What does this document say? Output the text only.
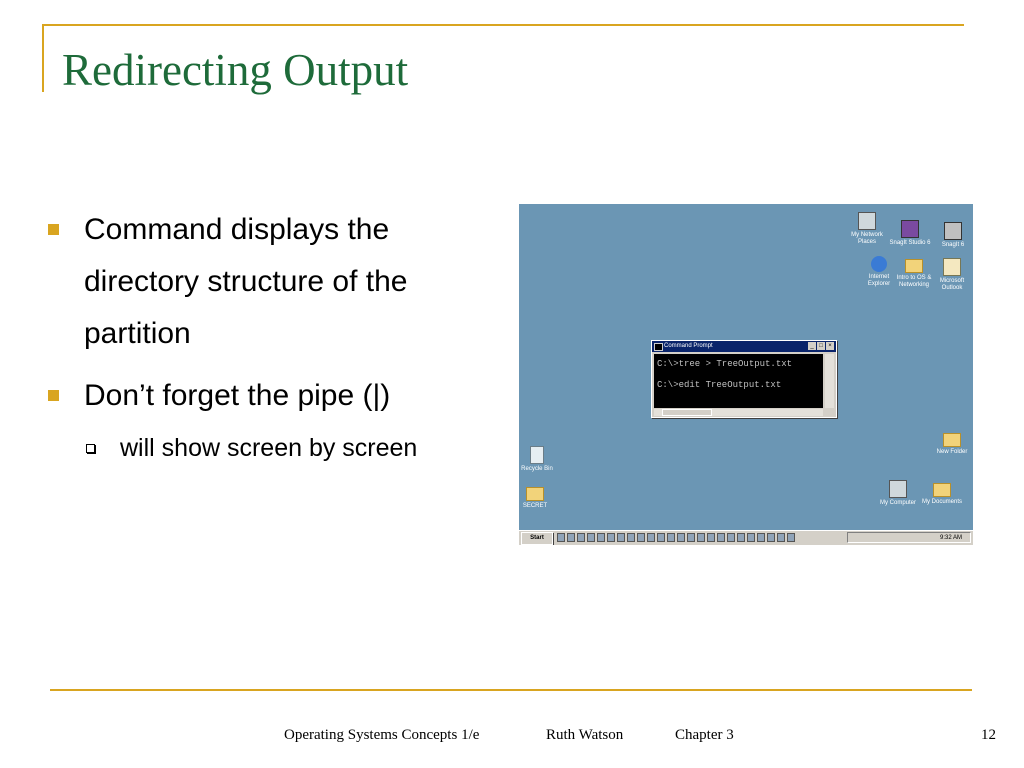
Redirecting Output
Command displays the directory structure of the partition
Don’t forget the pipe (|)
will show screen by screen
My Network Places	SnagIt Studio 6	SnagIt 6
Internet Explorer
Intro to OS & Networking
Microsoft Outlook
New Folder
Recycle Bin
SECRET	My Computer My Documents
Command Prompt	_ □ ×
C:\>tree > TreeOutput.txt
C:\>edit TreeOutput.txt
Start	9:32 AM
Operating Systems Concepts 1/e	Ruth Watson	Chapter 3	12
